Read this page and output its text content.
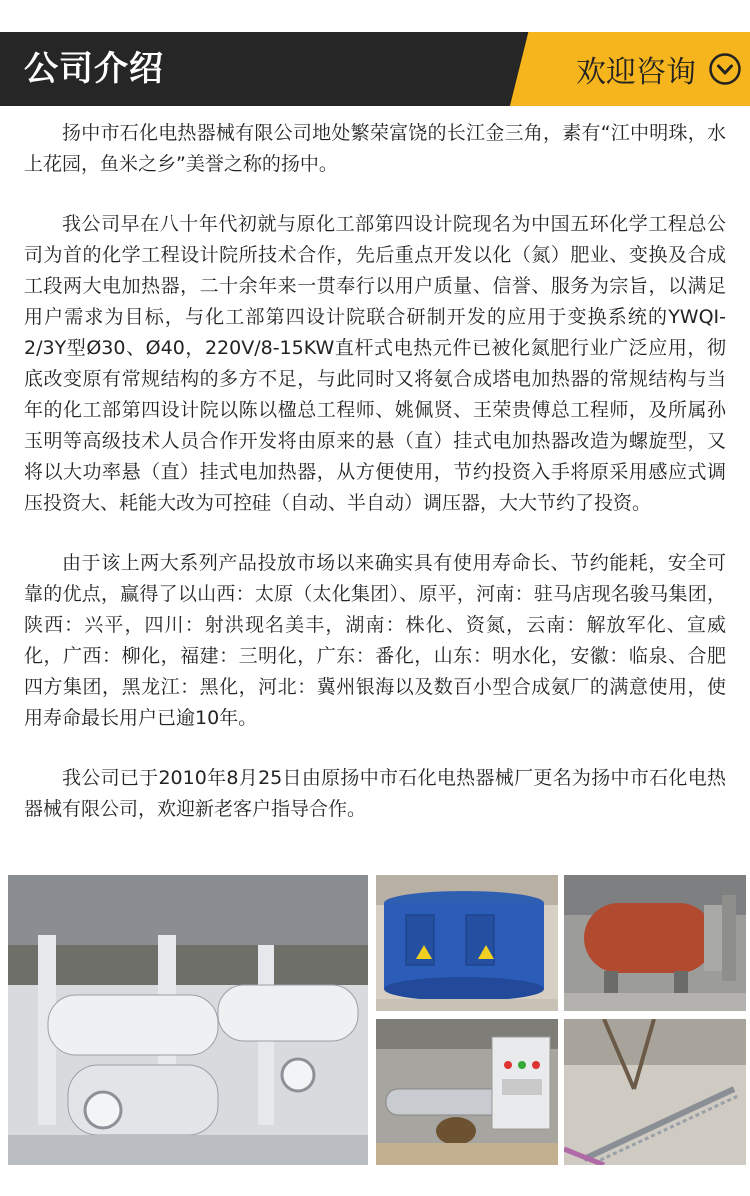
公司介绍	欢迎咨询

扬中市石化电热器械有限公司地处繁荣富饶的长江金三角，素有“江中明珠，水上花园，鱼米之乡”美誉之称的扬中。

我公司早在八十年代初就与原化工部第四设计院现名为中国五环化学工程总公司为首的化学工程设计院所技术合作，先后重点开发以化（氮）肥业、变换及合成工段两大电加热器，二十余年来一贯奉行以用户质量、信誉、服务为宗旨，以满足用户需求为目标，与化工部第四设计院联合研制开发的应用于变换系统的YWQI-2/3Y型Ø30、Ø40，220V/8-15KW直杆式电热元件已被化氮肥行业广泛应用，彻底改变原有常规结构的多方不足，与此同时又将氨合成塔电加热器的常规结构与当年的化工部第四设计院以陈以楹总工程师、姚佩贤、王荣贵傅总工程师，及所属孙玉明等高级技术人员合作开发将由原来的悬（直）挂式电加热器改造为螺旋型，又将以大功率悬（直）挂式电加热器，从方便使用，节约投资入手将原采用感应式调压投资大、耗能大改为可控硅（自动、半自动）调压器，大大节约了投资。

由于该上两大系列产品投放市场以来确实具有使用寿命长、节约能耗，安全可靠的优点，赢得了以山西：太原（太化集团）、原平，河南：驻马店现名骏马集团，陕西：兴平，四川：射洪现名美丰，湖南：株化、资氮，云南：解放军化、宣威化，广西：柳化，福建：三明化，广东：番化，山东：明水化，安徽：临泉、合肥四方集团，黑龙江：黑化，河北：冀州银海以及数百小型合成氨厂的满意使用，使用寿命最长用户已逾10年。

我公司已于2010年8月25日由原扬中市石化电热器械厂更名为扬中市石化电热器械有限公司，欢迎新老客户指导合作。
